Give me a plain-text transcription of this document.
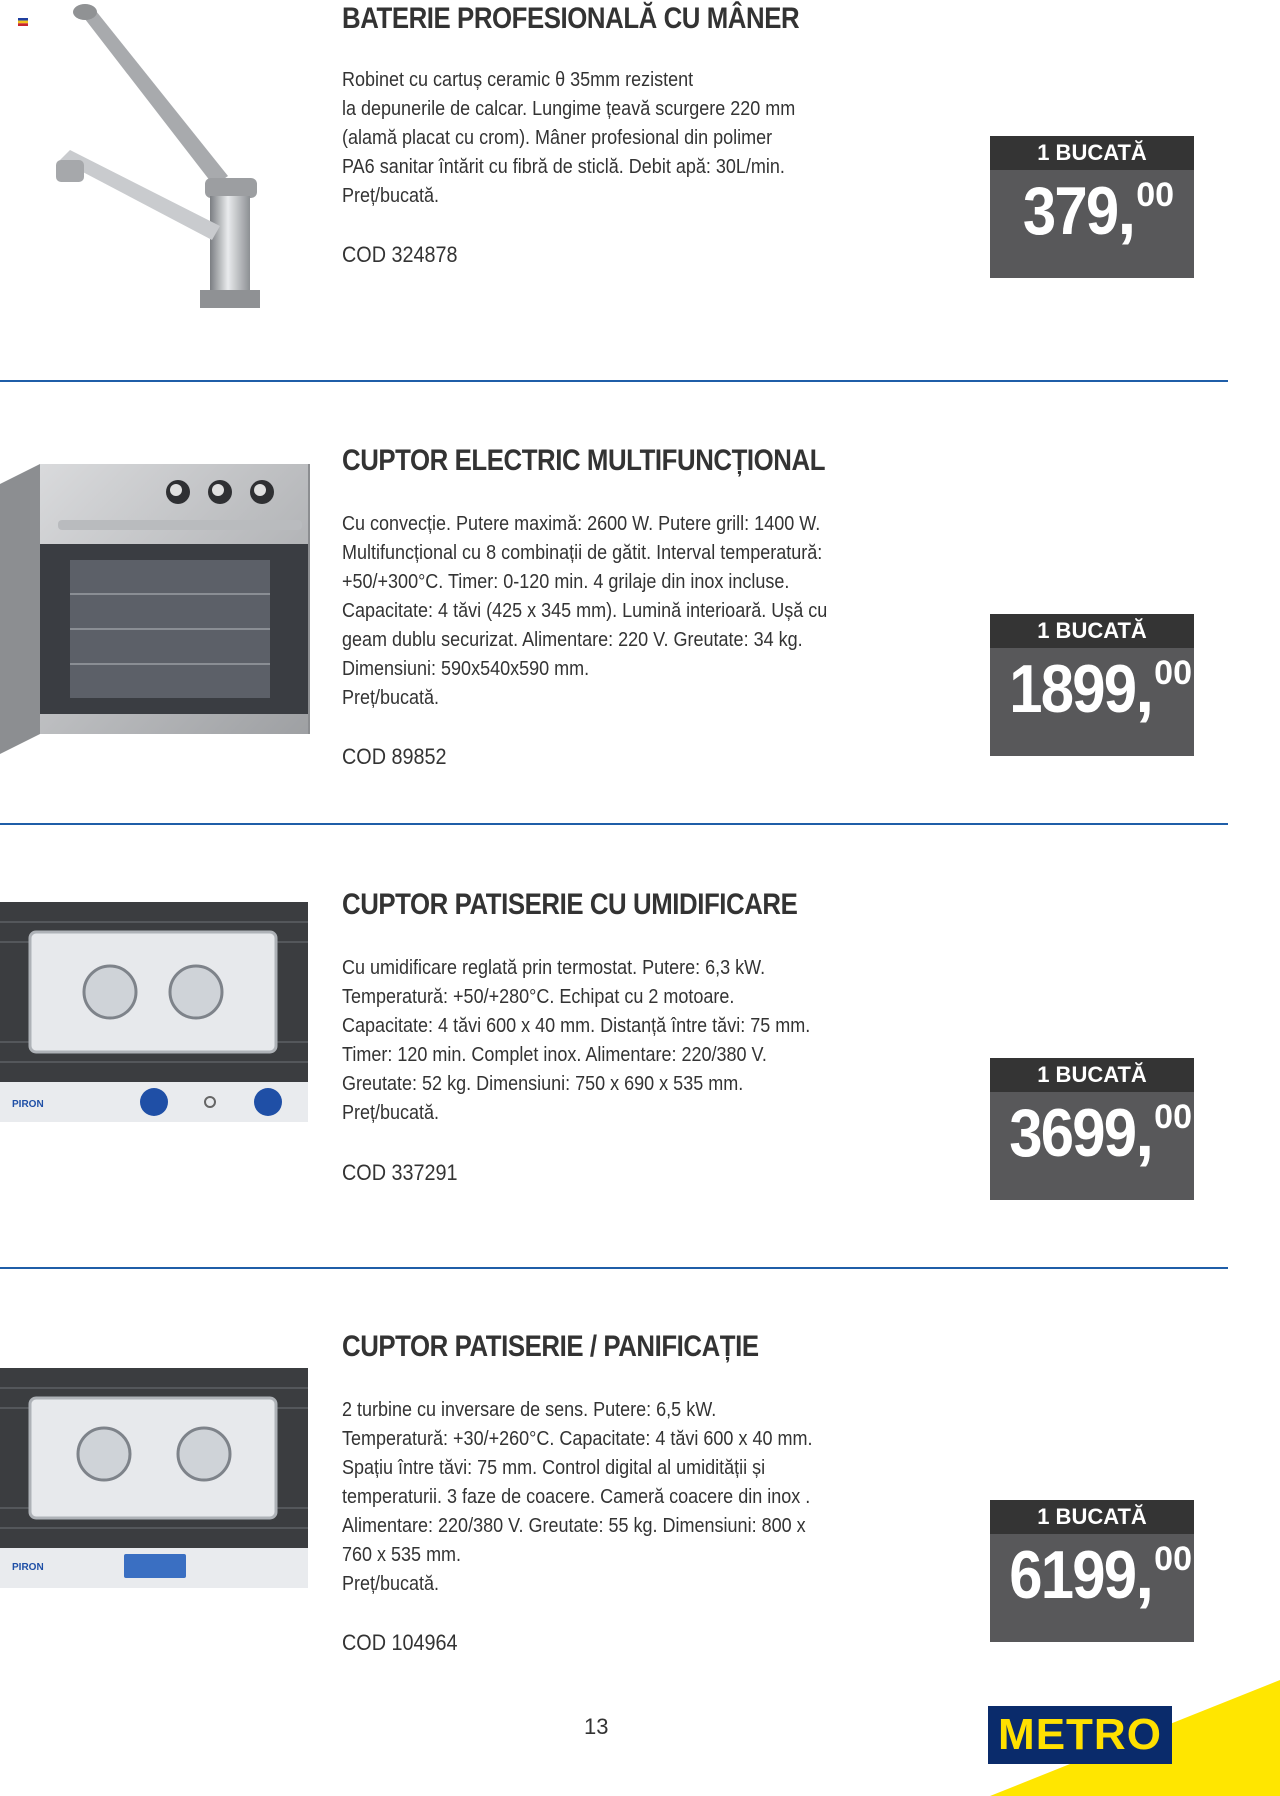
BATERIE PROFESIONALĂ CU MÂNER
Robinet cu cartuș ceramic θ 35mm rezistent
la depunerile de calcar. Lungime țeavă scurgere 220 mm
(alamă placat cu crom). Mâner profesional din polimer
PA6 sanitar întărit cu fibră de sticlă. Debit apă: 30L/min.
Preț/bucată.
COD 324878
1 BUCATĂ
379,00
CUPTOR ELECTRIC MULTIFUNCȚIONAL
Cu convecție. Putere maximă: 2600 W. Putere grill: 1400 W.
Multifuncțional cu 8 combinații de gătit. Interval temperatură:
+50/+300°C. Timer: 0-120 min. 4 grilaje din inox incluse.
Capacitate: 4 tăvi (425 x 345 mm). Lumină interioară. Ușă cu
geam dublu securizat. Alimentare: 220 V. Greutate: 34 kg.
Dimensiuni: 590x540x590 mm.
Preț/bucată.
COD 89852
1 BUCATĂ
1899,00
PIRON
CUPTOR PATISERIE CU UMIDIFICARE
Cu umidificare reglată prin termostat. Putere: 6,3 kW.
Temperatură: +50/+280°C. Echipat cu 2 motoare.
Capacitate: 4 tăvi 600 x 40 mm. Distanță între tăvi: 75 mm.
Timer: 120 min. Complet inox. Alimentare: 220/380 V.
Greutate: 52 kg. Dimensiuni: 750 x 690 x 535 mm.
Preț/bucată.
COD 337291
1 BUCATĂ
3699,00
PIRON
CUPTOR PATISERIE / PANIFICAȚIE
2 turbine cu inversare de sens. Putere: 6,5 kW.
Temperatură: +30/+260°C. Capacitate: 4 tăvi 600 x 40 mm.
Spațiu între tăvi: 75 mm. Control digital al umidității și
temperaturii. 3 faze de coacere. Cameră coacere din inox .
Alimentare: 220/380 V. Greutate: 55 kg. Dimensiuni: 800 x
760 x 535 mm.
Preț/bucată.
COD 104964
1 BUCATĂ
6199,00
13	METRO
